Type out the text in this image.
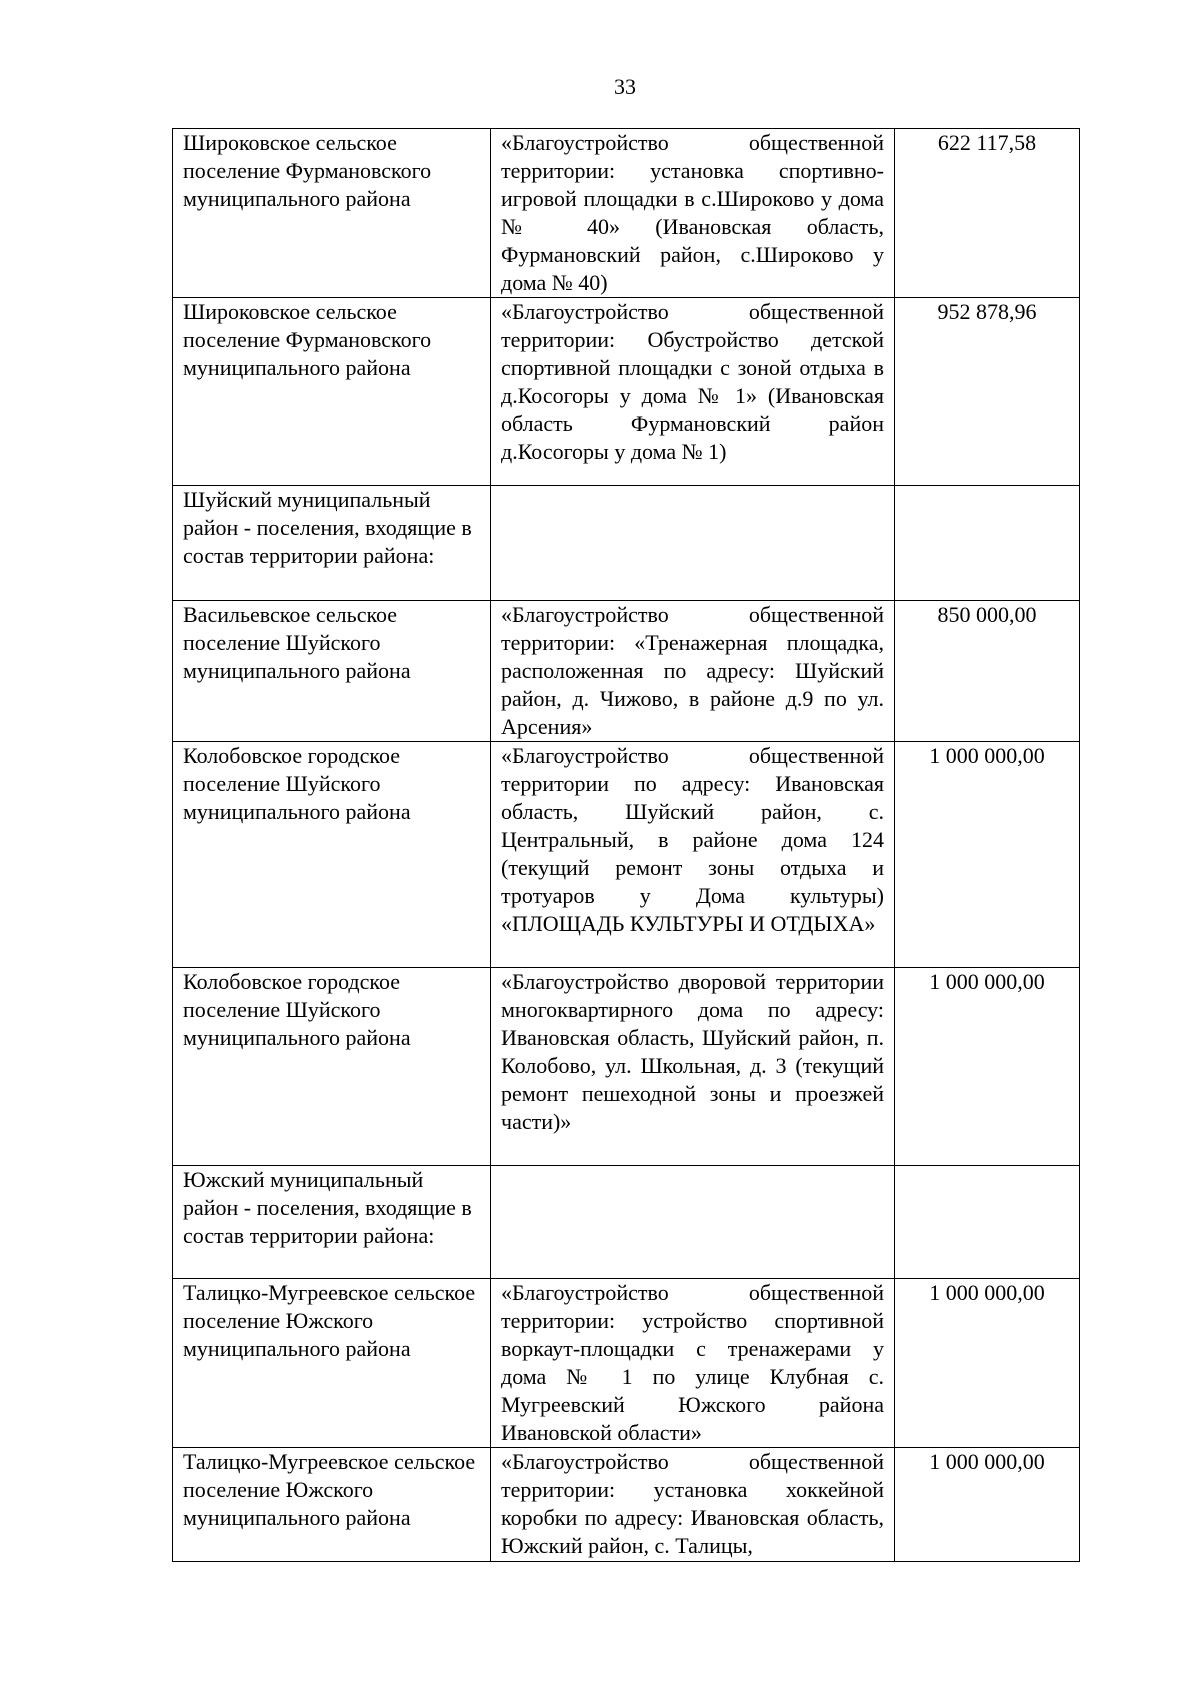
33
Широковское сельское поселение Фурмановского муниципального района	«Благоустройство общественной территории: установка спортивно-игровой площадки в с.Широково у дома № 40» (Ивановская область, Фурмановский район, с.Широково у дома № 40)	622 117,58
Широковское сельское поселение Фурмановского муниципального района	«Благоустройство общественной территории: Обустройство детской спортивной площадки с зоной отдыха в д.Косогоры у дома № 1» (Ивановская область Фурмановский район д.Косогоры у дома № 1)	952 878,96
Шуйский муниципальный район - поселения, входящие в состав территории района:		
Васильевское сельское поселение Шуйского муниципального района	«Благоустройство общественной территории: «Тренажерная площадка, расположенная по адресу: Шуйский район, д. Чижово, в районе д.9 по ул. Арсения»	850 000,00
Колобовское городское поселение Шуйского муниципального района	«Благоустройство общественной территории по адресу: Ивановская область, Шуйский район, с. Центральный, в районе дома 124 (текущий ремонт зоны отдыха и тротуаров у Дома культуры) «ПЛОЩАДЬ КУЛЬТУРЫ И ОТДЫХА»	1 000 000,00
Колобовское городское поселение Шуйского муниципального района	«Благоустройство дворовой территории многоквартирного дома по адресу: Ивановская область, Шуйский район, п. Колобово, ул. Школьная, д. 3 (текущий ремонт пешеходной зоны и проезжей части)»	1 000 000,00
Южский муниципальный район - поселения, входящие в состав территории района:		
Талицко-Мугреевское сельское поселение Южского муниципального района	«Благоустройство общественной территории: устройство спортивной воркаут-площадки с тренажерами у дома № 1 по улице Клубная с. Мугреевский Южского района Ивановской области»	1 000 000,00
Талицко-Мугреевское сельское поселение Южского муниципального района	«Благоустройство общественной территории: установка хоккейной коробки по адресу: Ивановская область, Южский район, с. Талицы,	1 000 000,00
